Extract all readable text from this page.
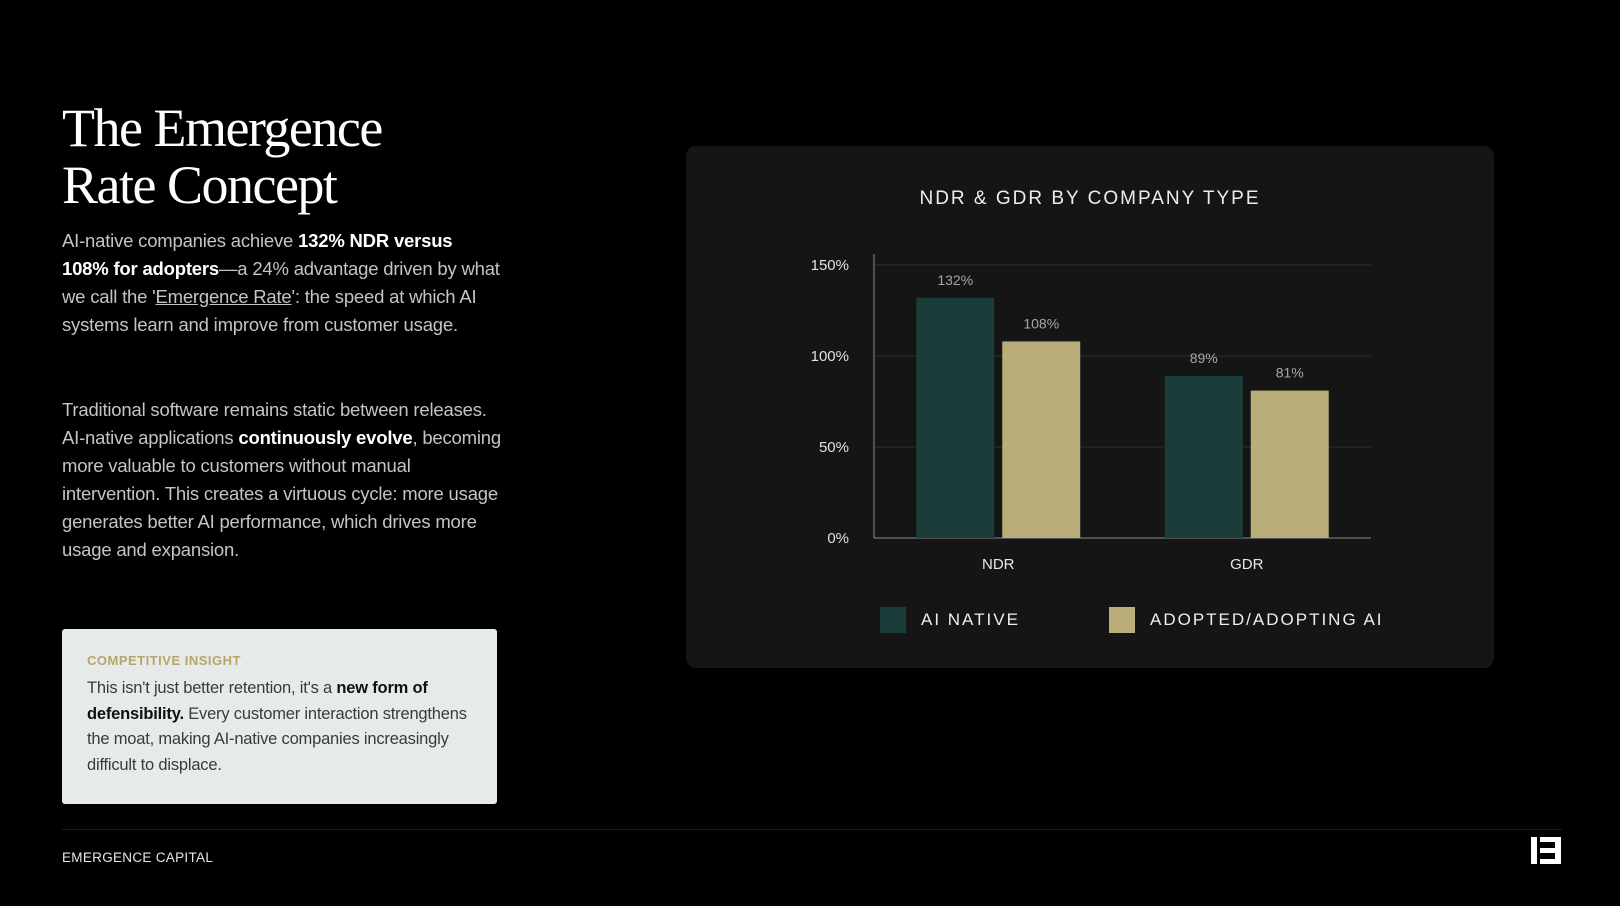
The Emergence
Rate Concept

AI-native companies achieve 132% NDR versus 108% for adopters—a 24% advantage driven by what we call the 'Emergence Rate': the speed at which AI systems learn and improve from customer usage.

Traditional software remains static between releases. AI-native applications continuously evolve, becoming more valuable to customers without manual intervention. This creates a virtuous cycle: more usage generates better AI performance, which drives more usage and expansion.

COMPETITIVE INSIGHT

This isn't just better retention, it's a new form of defensibility. Every customer interaction strengthens the moat, making AI-native companies increasingly difficult to displace.

NDR & GDR BY COMPANY TYPE
0%
50%
100%
150%
132%
108%
NDR
89%
81%
GDR
AI NATIVE	ADOPTED/ADOPTING AI
EMERGENCE CAPITAL
